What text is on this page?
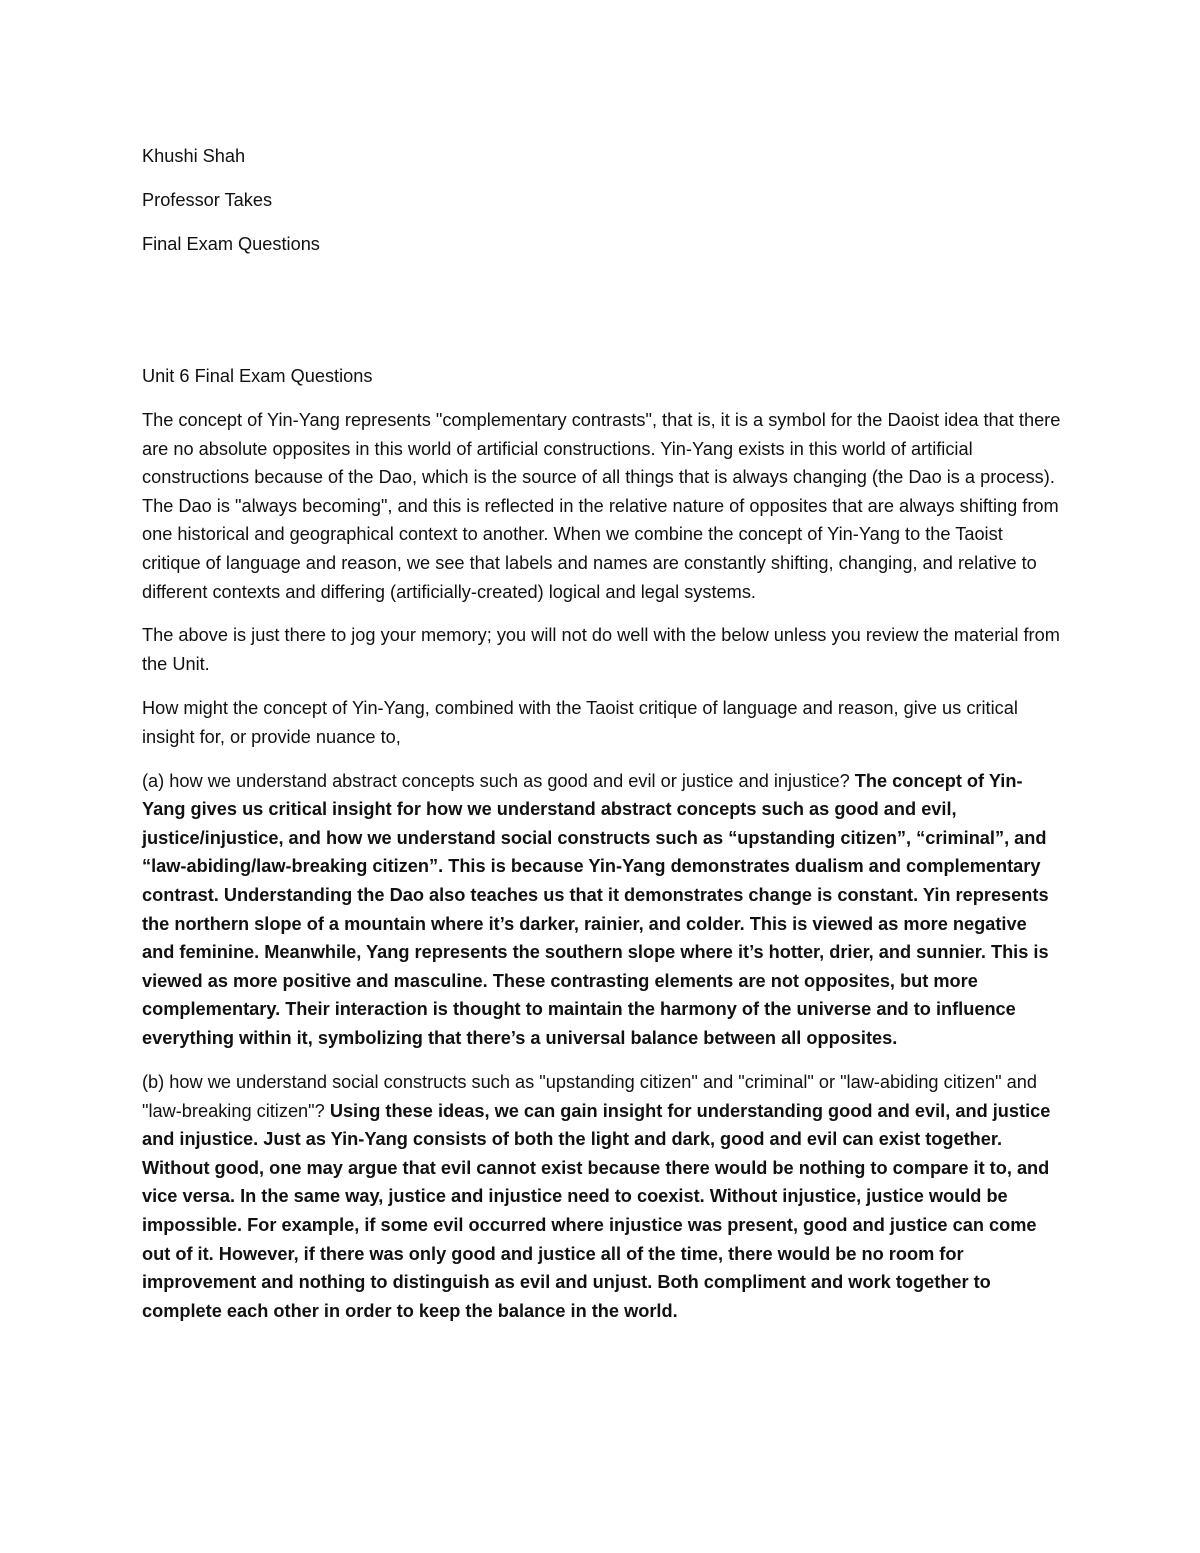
Khushi Shah
Professor Takes
Final Exam Questions

Unit 6 Final Exam Questions

The concept of Yin-Yang represents "complementary contrasts", that is, it is a symbol for the Daoist idea that there are no absolute opposites in this world of artificial constructions. Yin-Yang exists in this world of artificial constructions because of the Dao, which is the source of all things that is always changing (the Dao is a process). The Dao is "always becoming", and this is reflected in the relative nature of opposites that are always shifting from one historical and geographical context to another. When we combine the concept of Yin-Yang to the Taoist critique of language and reason, we see that labels and names are constantly shifting, changing, and relative to different contexts and differing (artificially-created) logical and legal systems.

The above is just there to jog your memory; you will not do well with the below unless you review the material from the Unit.

How might the concept of Yin-Yang, combined with the Taoist critique of language and reason, give us critical insight for, or provide nuance to,

(a) how we understand abstract concepts such as good and evil or justice and injustice? The concept of Yin-Yang gives us critical insight for how we understand abstract concepts such as good and evil, justice/injustice, and how we understand social constructs such as “upstanding citizen”, “criminal”, and “law-abiding/law-breaking citizen”. This is because Yin-Yang demonstrates dualism and complementary contrast. Understanding the Dao also teaches us that it demonstrates change is constant. Yin represents the northern slope of a mountain where it’s darker, rainier, and colder. This is viewed as more negative and feminine. Meanwhile, Yang represents the southern slope where it’s hotter, drier, and sunnier. This is viewed as more positive and masculine. These contrasting elements are not opposites, but more complementary. Their interaction is thought to maintain the harmony of the universe and to influence everything within it, symbolizing that there’s a universal balance between all opposites.

(b) how we understand social constructs such as "upstanding citizen" and "criminal" or "law-abiding citizen" and "law-breaking citizen"? Using these ideas, we can gain insight for understanding good and evil, and justice and injustice. Just as Yin-Yang consists of both the light and dark, good and evil can exist together. Without good, one may argue that evil cannot exist because there would be nothing to compare it to, and vice versa. In the same way, justice and injustice need to coexist. Without injustice, justice would be impossible. For example, if some evil occurred where injustice was present, good and justice can come out of it. However, if there was only good and justice all of the time, there would be no room for improvement and nothing to distinguish as evil and unjust. Both compliment and work together to complete each other in order to keep the balance in the world.
